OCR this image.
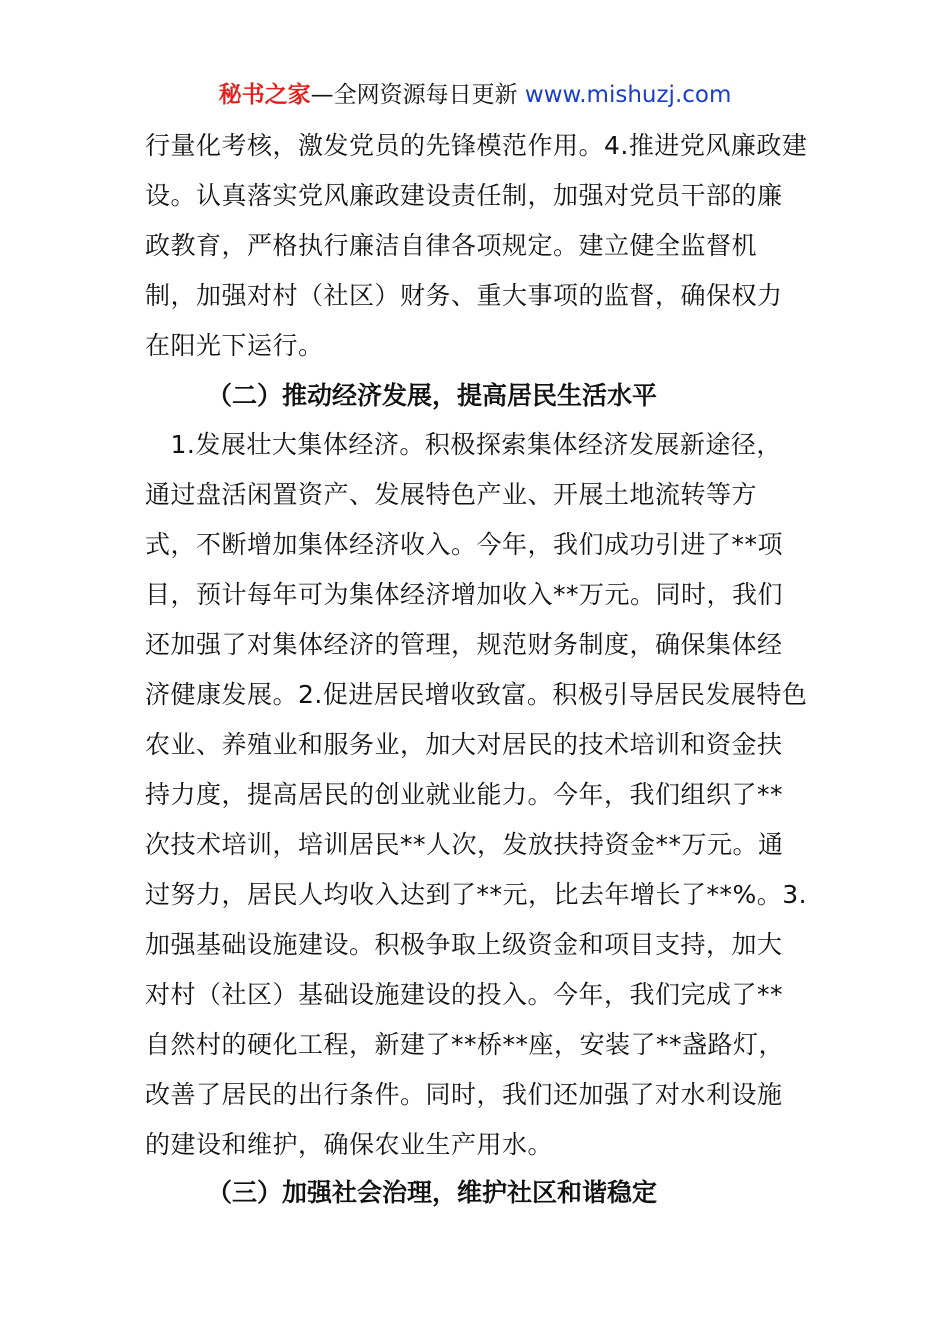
秘书之家—全网资源每日更新 www.mishuzj.com
行量化考核，激发党员的先锋模范作用。4.推进党风廉政建
设。认真落实党风廉政建设责任制，加强对党员干部的廉
政教育，严格执行廉洁自律各项规定。建立健全监督机
制，加强对村（社区）财务、重大事项的监督，确保权力
在阳光下运行。
（二）推动经济发展，提高居民生活水平
　1.发展壮大集体经济。积极探索集体经济发展新途径，
通过盘活闲置资产、发展特色产业、开展土地流转等方
式，不断增加集体经济收入。今年，我们成功引进了**项
目，预计每年可为集体经济增加收入**万元。同时，我们
还加强了对集体经济的管理，规范财务制度，确保集体经
济健康发展。2.促进居民增收致富。积极引导居民发展特色
农业、养殖业和服务业，加大对居民的技术培训和资金扶
持力度，提高居民的创业就业能力。今年，我们组织了**
次技术培训，培训居民**人次，发放扶持资金**万元。通
过努力，居民人均收入达到了**元，比去年增长了**%。3.
加强基础设施建设。积极争取上级资金和项目支持，加大
对村（社区）基础设施建设的投入。今年，我们完成了**
自然村的硬化工程，新建了**桥**座，安装了**盏路灯，
改善了居民的出行条件。同时，我们还加强了对水利设施
的建设和维护，确保农业生产用水。
（三）加强社会治理，维护社区和谐稳定
